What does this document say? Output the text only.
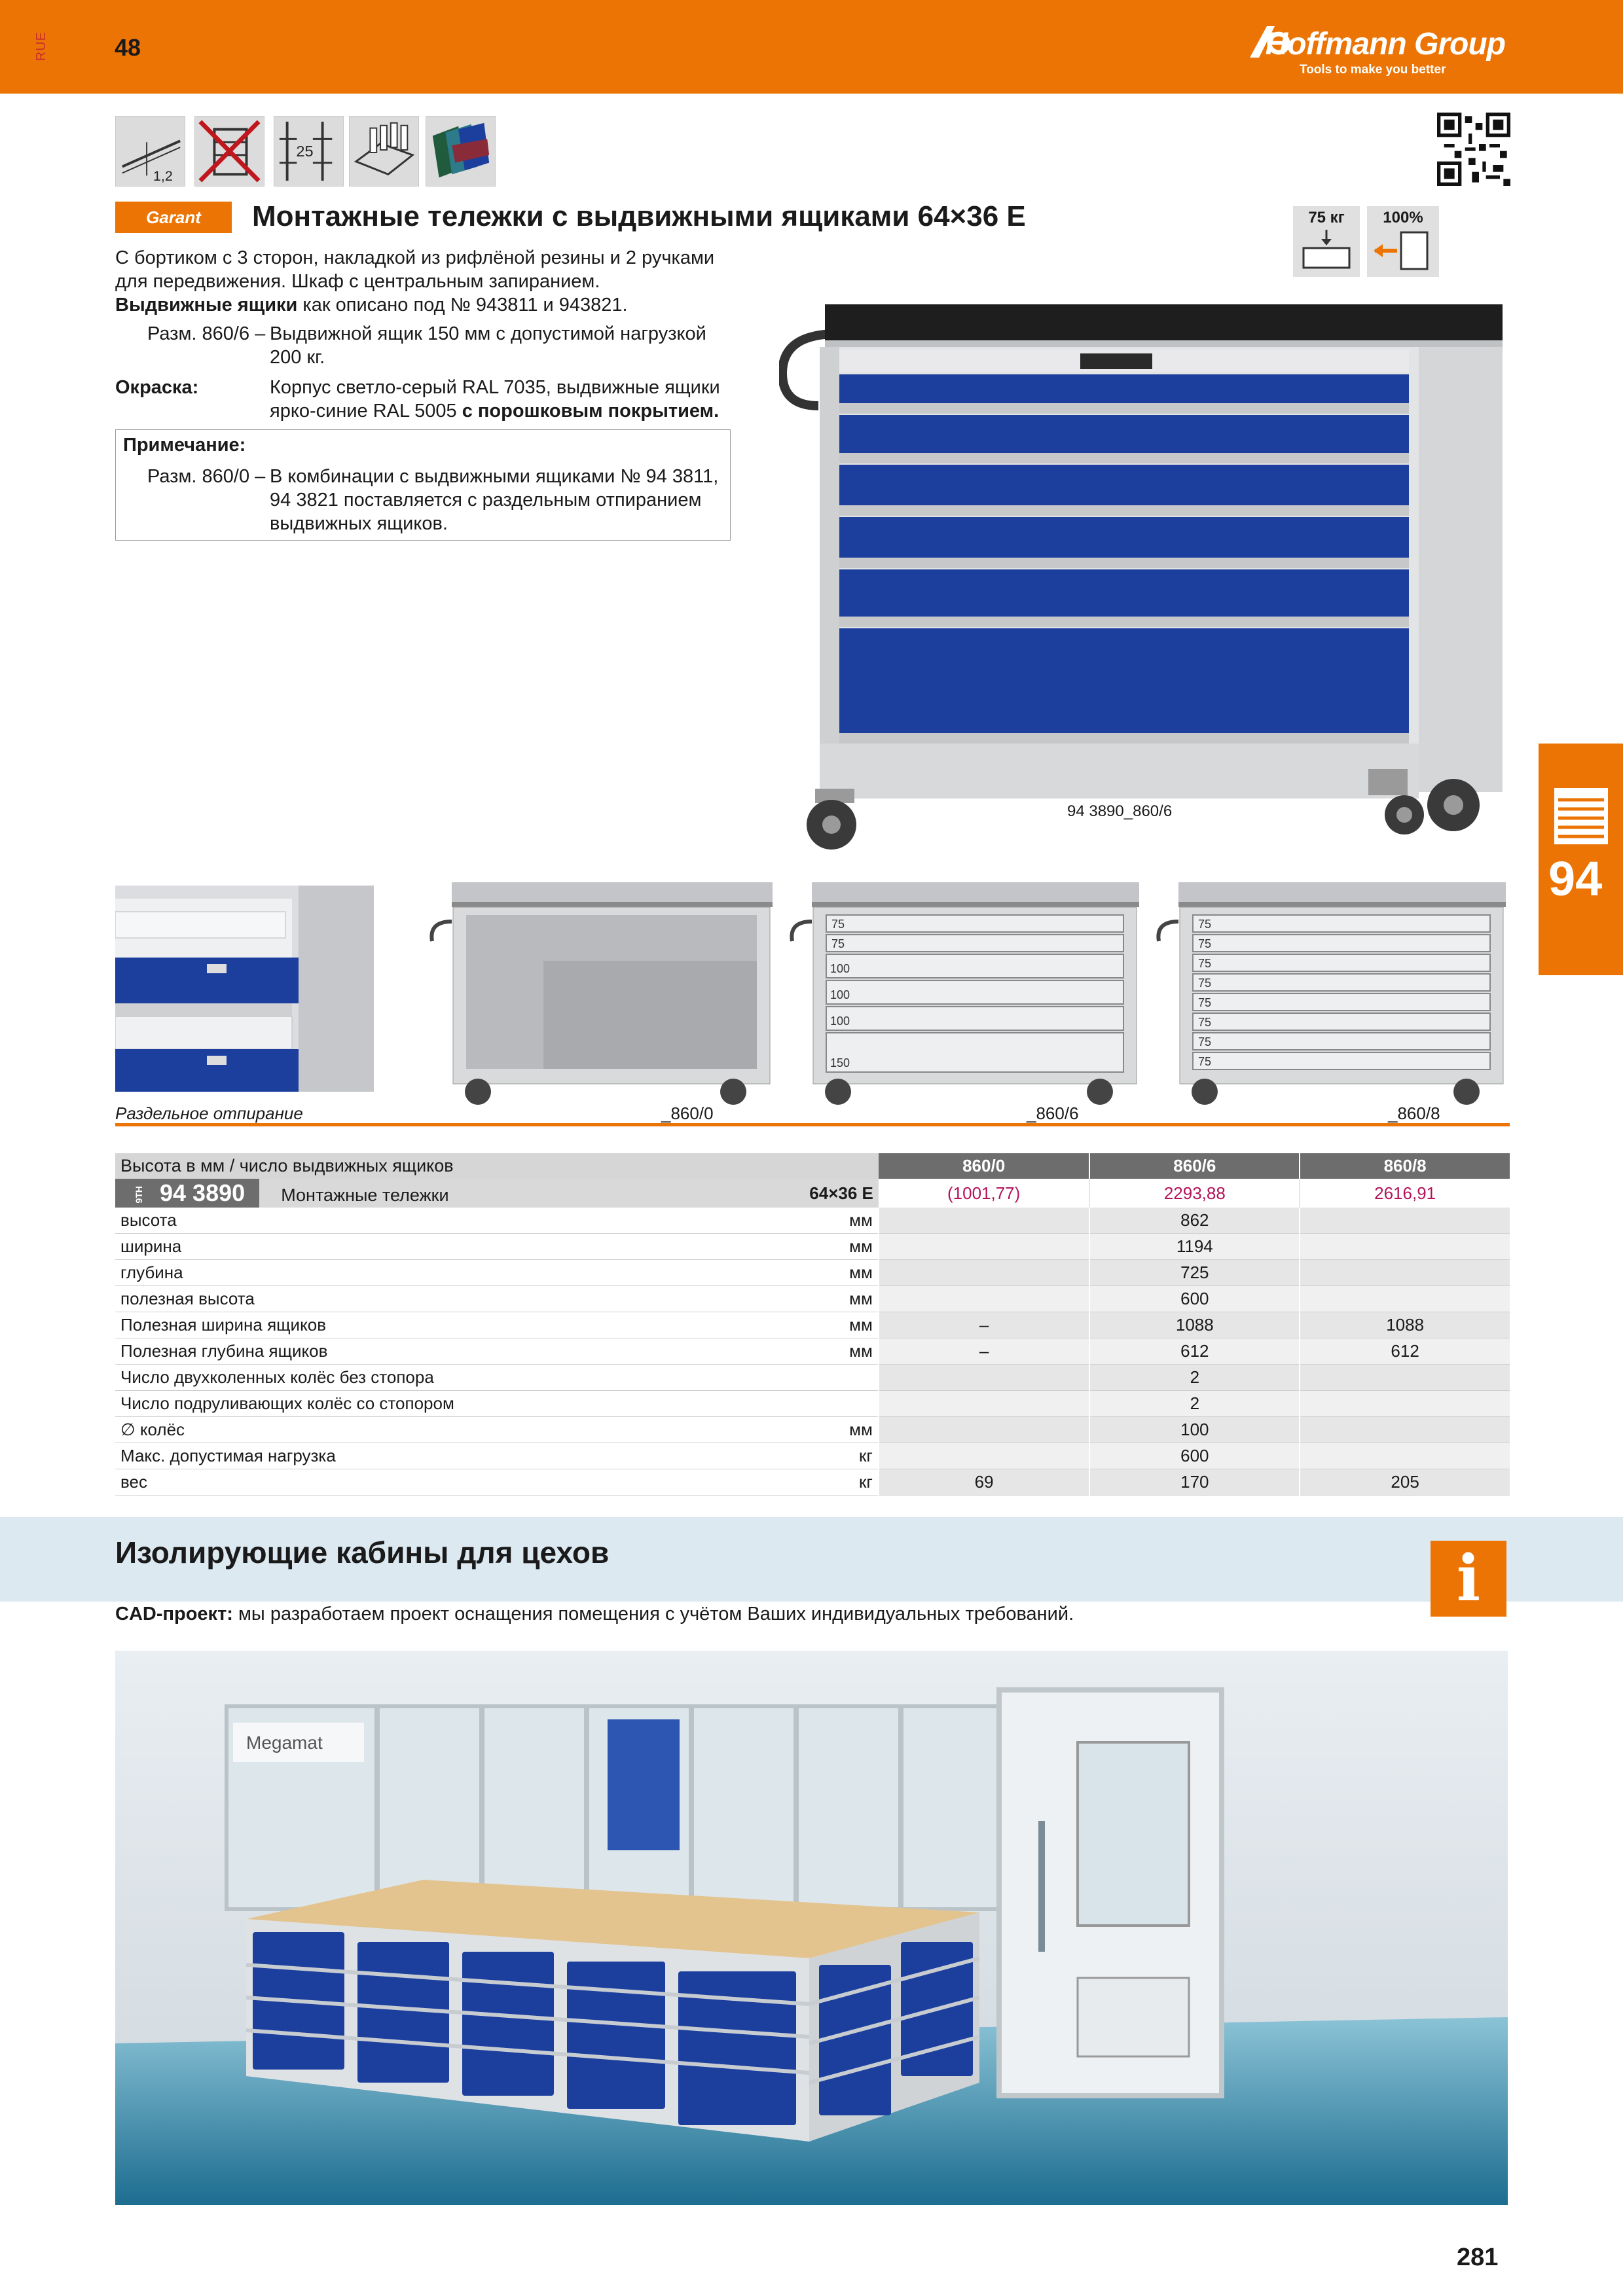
RUE	48	Hoffmann Group
Tools to make you better
1,2
25
Garant	Монтажные тележки с выдвижными ящиками 64×36 E	75 кг	100%
С бортиком с 3 сторон, накладкой из рифлёной резины и 2 ручками
для передвижения. Шкаф с центральным запиранием.
Выдвижные ящики как описано под № 943811 и 943821.
Разм. 860/6 – Выдвижной ящик 150 мм с допустимой нагрузкой
200 кг.
Окраска:	Корпус светло-серый RAL 7035, выдвижные ящики
ярко-синие RAL 5005 с порошковым покрытием.
Примечание:
Разм. 860/0 – В комбинации с выдвижными ящиками № 94 3811,
94 3821 поставляется с раздельным отпиранием
выдвижных ящиков.
94 3890_860/6
94
Раздельное отпирание	_860/0
75
75
100
100
100
150
_860/6
75
75
75
75
75
75
75
75
_860/8
Высота в мм / число выдвижных ящиков		860/0	860/6	860/8
9TH 94 3890 Монтажные тележки	64×36 E	(1001,77)	2293,88	2616,91
высота	мм		862	
ширина	мм		1194	
глубина	мм		725	
полезная высота	мм		600	
Полезная ширина ящиков	мм	–	1088	1088
Полезная глубина ящиков	мм	–	612	612
Число двухколенных колёс без стопора			2	
Число подруливающих колёс со стопором			2	
∅ колёс	мм		100	
Макс. допустимая нагрузка	кг		600	
вес	кг	69	170	205
Изолирующие кабины для цехов	i
CAD-проект: мы разработаем проект оснащения помещения с учётом Ваших индивидуальных требований.
Megamat
281
